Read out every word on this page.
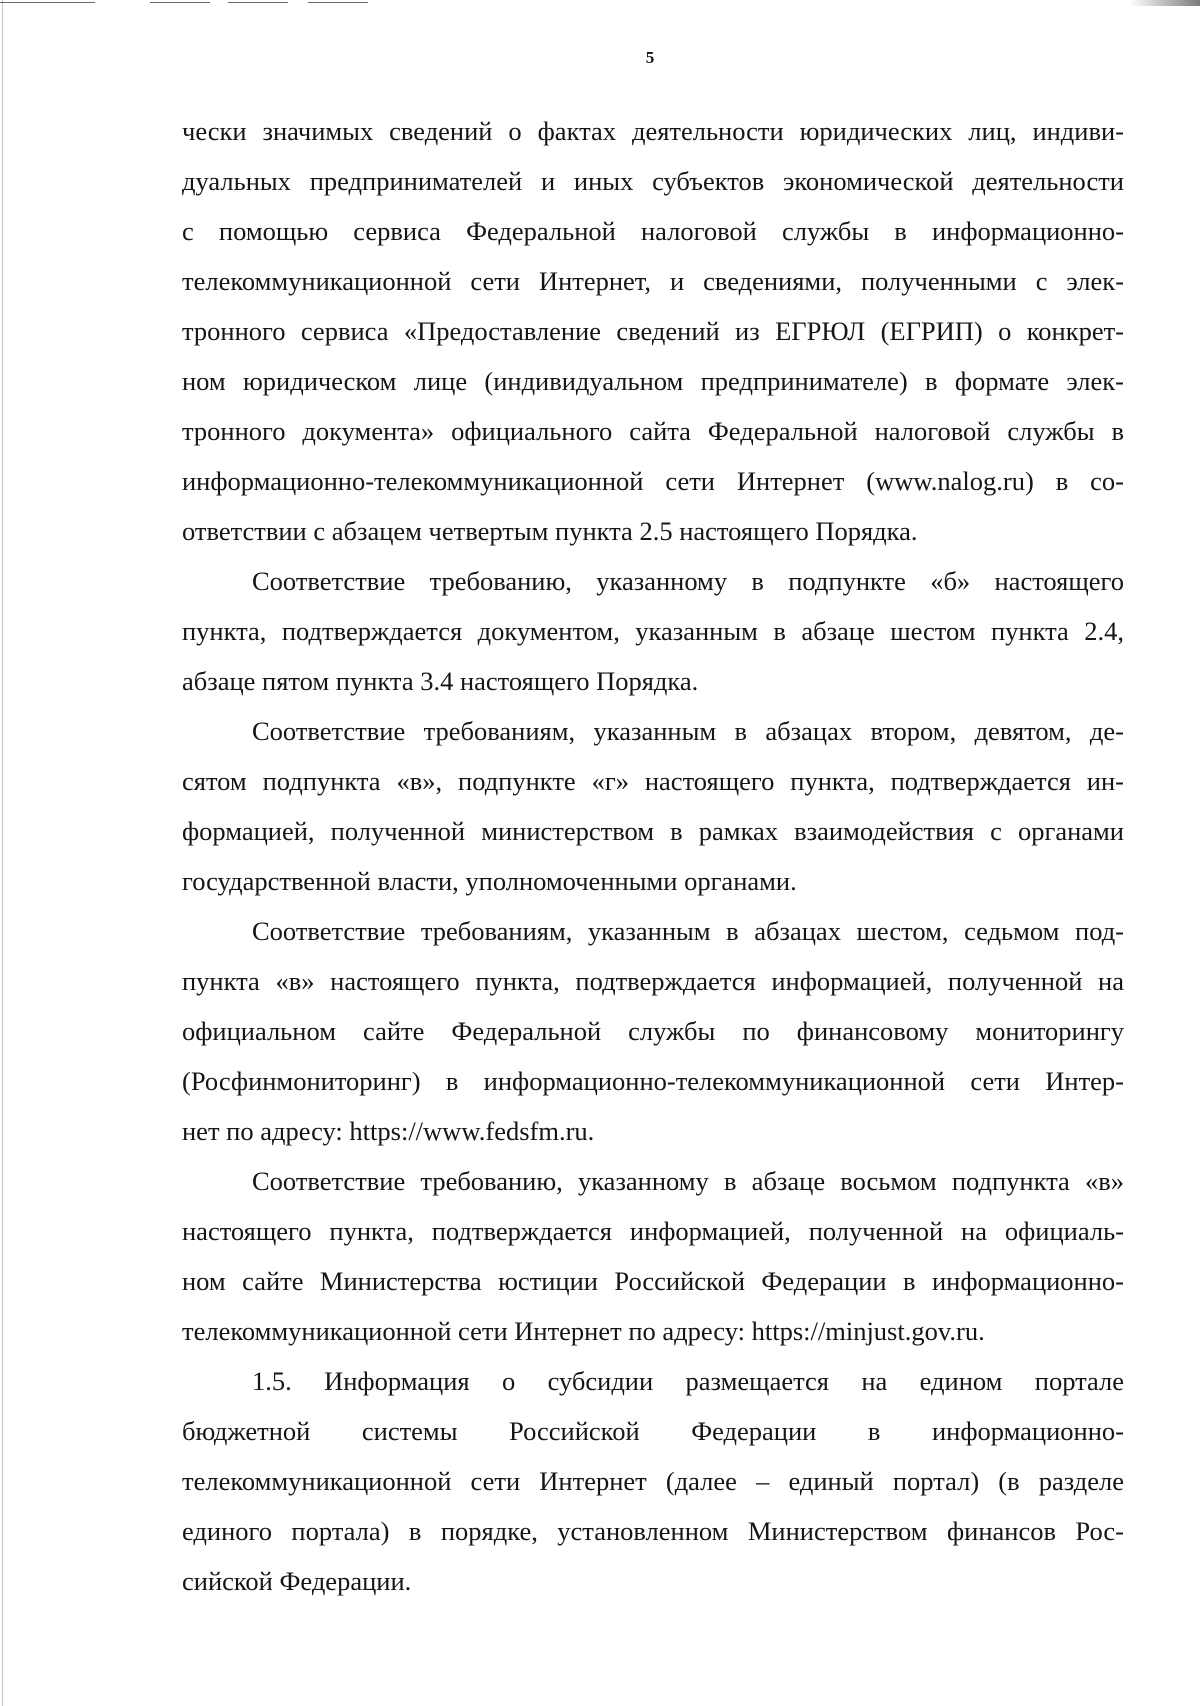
5
чески значимых сведений о фактах деятельности юридических лиц, индиви-
дуальных предпринимателей и иных субъектов экономической деятельности
с помощью сервиса Федеральной налоговой службы в информационно-
телекоммуникационной сети Интернет, и сведениями, полученными с элек-
тронного сервиса «Предоставление сведений из ЕГРЮЛ (ЕГРИП) о конкрет-
ном юридическом лице (индивидуальном предпринимателе) в формате элек-
тронного документа» официального сайта Федеральной налоговой службы в
информационно-телекоммуникационной сети Интернет (www.nalog.ru) в со-
ответствии с абзацем четвертым пункта 2.5 настоящего Порядка.
Соответствие требованию, указанному в подпункте «б» настоящего
пункта, подтверждается документом, указанным в абзаце шестом пункта 2.4,
абзаце пятом пункта 3.4 настоящего Порядка.
Соответствие требованиям, указанным в абзацах втором, девятом, де-
сятом подпункта «в», подпункте «г» настоящего пункта, подтверждается ин-
формацией, полученной министерством в рамках взаимодействия с органами
государственной власти, уполномоченными органами.
Соответствие требованиям, указанным в абзацах шестом, седьмом под-
пункта «в» настоящего пункта, подтверждается информацией, полученной на
официальном сайте Федеральной службы по финансовому мониторингу
(Росфинмониторинг) в информационно-телекоммуникационной сети Интер-
нет по адресу: https://www.fedsfm.ru.
Соответствие требованию, указанному в абзаце восьмом подпункта «в»
настоящего пункта, подтверждается информацией, полученной на официаль-
ном сайте Министерства юстиции Российской Федерации в информационно-
телекоммуникационной сети Интернет по адресу: https://minjust.gov.ru.
1.5. Информация о субсидии размещается на едином портале
бюджетной системы Российской Федерации в информационно-
телекоммуникационной сети Интернет (далее – единый портал) (в разделе
единого портала) в порядке, установленном Министерством финансов Рос-
сийской Федерации.
